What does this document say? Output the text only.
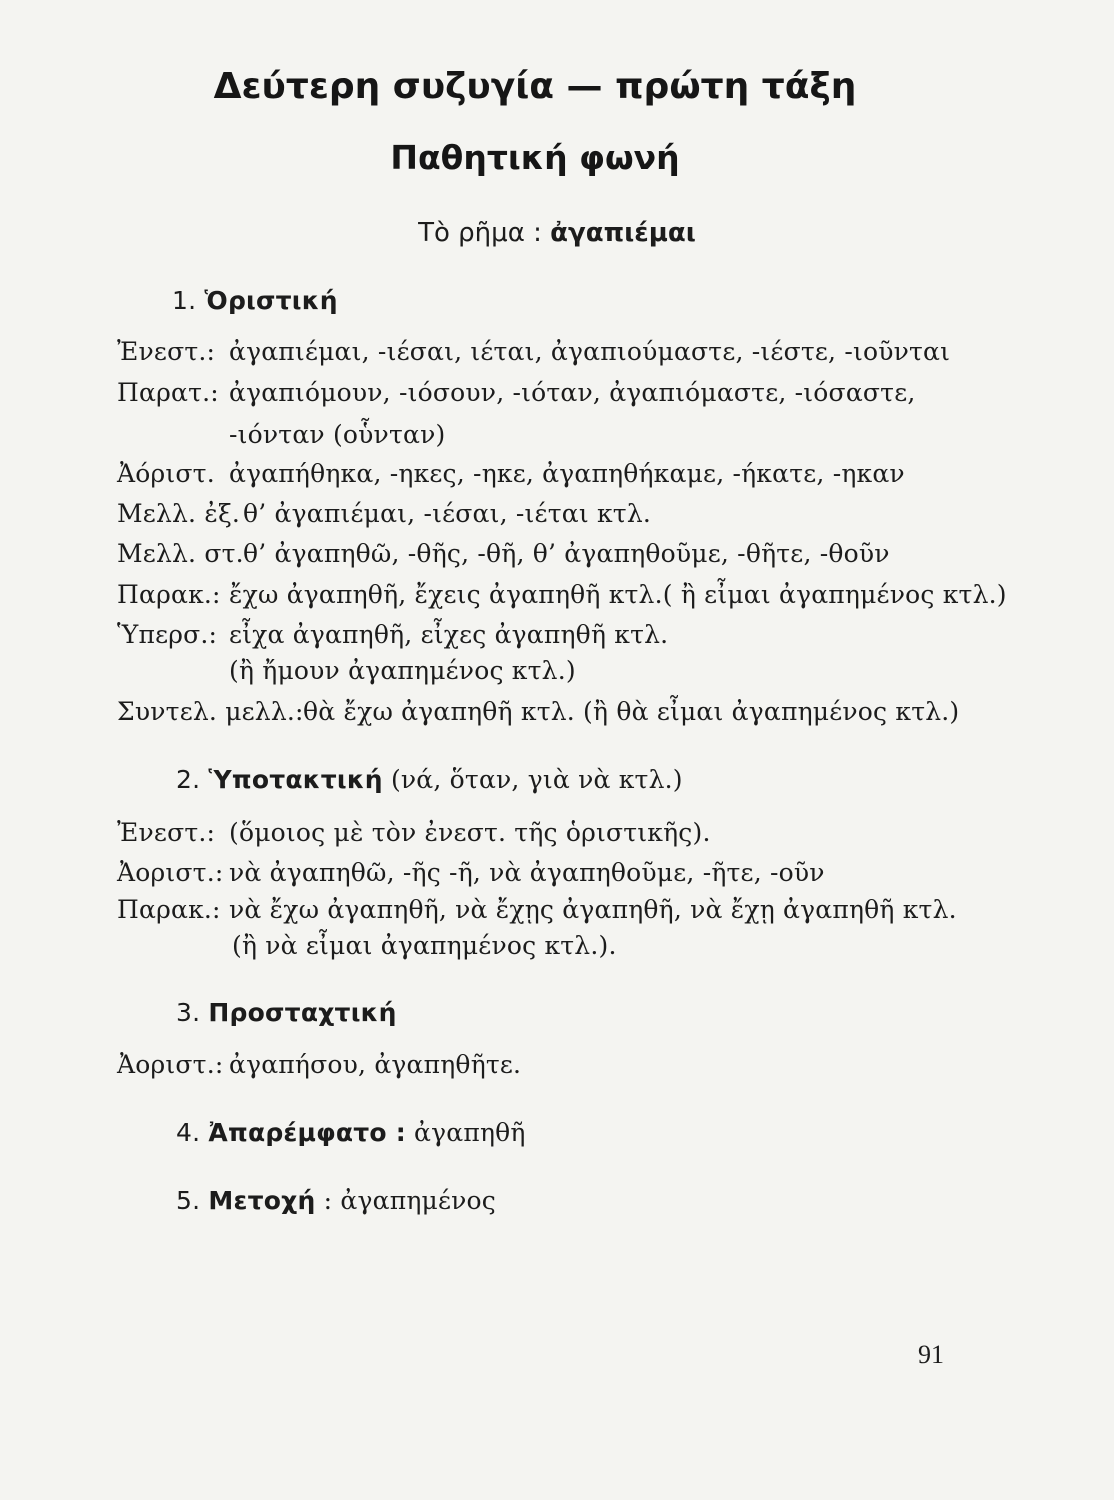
Δεύτερη συζυγία — πρώτη τάξη
Παθητική φωνή
Τὸ ρῆμα : ἀγαπιέμαι
1. Ὁριστική
Ἐνεστ.: ἀγαπιέμαι, -ιέσαι, ιέται, ἀγαπιούμαστε, -ιέστε, -ιοῦνται
Παρατ.: ἀγαπιόμουν, -ιόσουν, -ιόταν, ἀγαπιόμαστε, -ιόσαστε,
-ιόνταν (οὗνταν)
Ἀόριστ. ἀγαπήθηκα, -ηκες, -ηκε, ἀγαπηθήκαμε, -ήκατε, -ηκαν
Μελλ. ἐξ. θ’ ἀγαπιέμαι, -ιέσαι, -ιέται κτλ.
Μελλ. στ.θ’ ἀγαπηθῶ, -θῆς, -θῆ, θ’ ἀγαπηθοῦμε, -θῆτε, -θοῦν
Παρακ.: ἔχω ἀγαπηθῆ, ἔχεις ἀγαπηθῆ κτλ.( ἢ εἶμαι ἀγαπημένος κτλ.)
Ὑπερσ.: εἶχα ἀγαπηθῆ, εἶχες ἀγαπηθῆ κτλ.
(ἢ ἤμουν ἀγαπημένος κτλ.)
Συντελ. μελλ.:θὰ ἔχω ἀγαπηθῆ κτλ. (ἢ θὰ εἶμαι ἀγαπημένος κτλ.)
2. Ὑποτακτική (νά, ὅταν, γιὰ νὰ κτλ.)
Ἐνεστ.: (ὅμοιος μὲ τὸν ἐνεστ. τῆς ὁριστικῆς).
Ἀοριστ.: νὰ ἀγαπηθῶ, -ῆς -ῆ, νὰ ἀγαπηθοῦμε, -ῆτε, -οῦν
Παρακ.: νὰ ἔχω ἀγαπηθῆ, νὰ ἔχῃς ἀγαπηθῆ, νὰ ἔχῃ ἀγαπηθῆ κτλ.
(ἢ νὰ εἶμαι ἀγαπημένος κτλ.).
3. Προσταχτική
Ἀοριστ.: ἀγαπήσου, ἀγαπηθῆτε.
4. Ἀπαρέμφατο : ἀγαπηθῆ
5. Μετοχή : ἀγαπημένος
91
